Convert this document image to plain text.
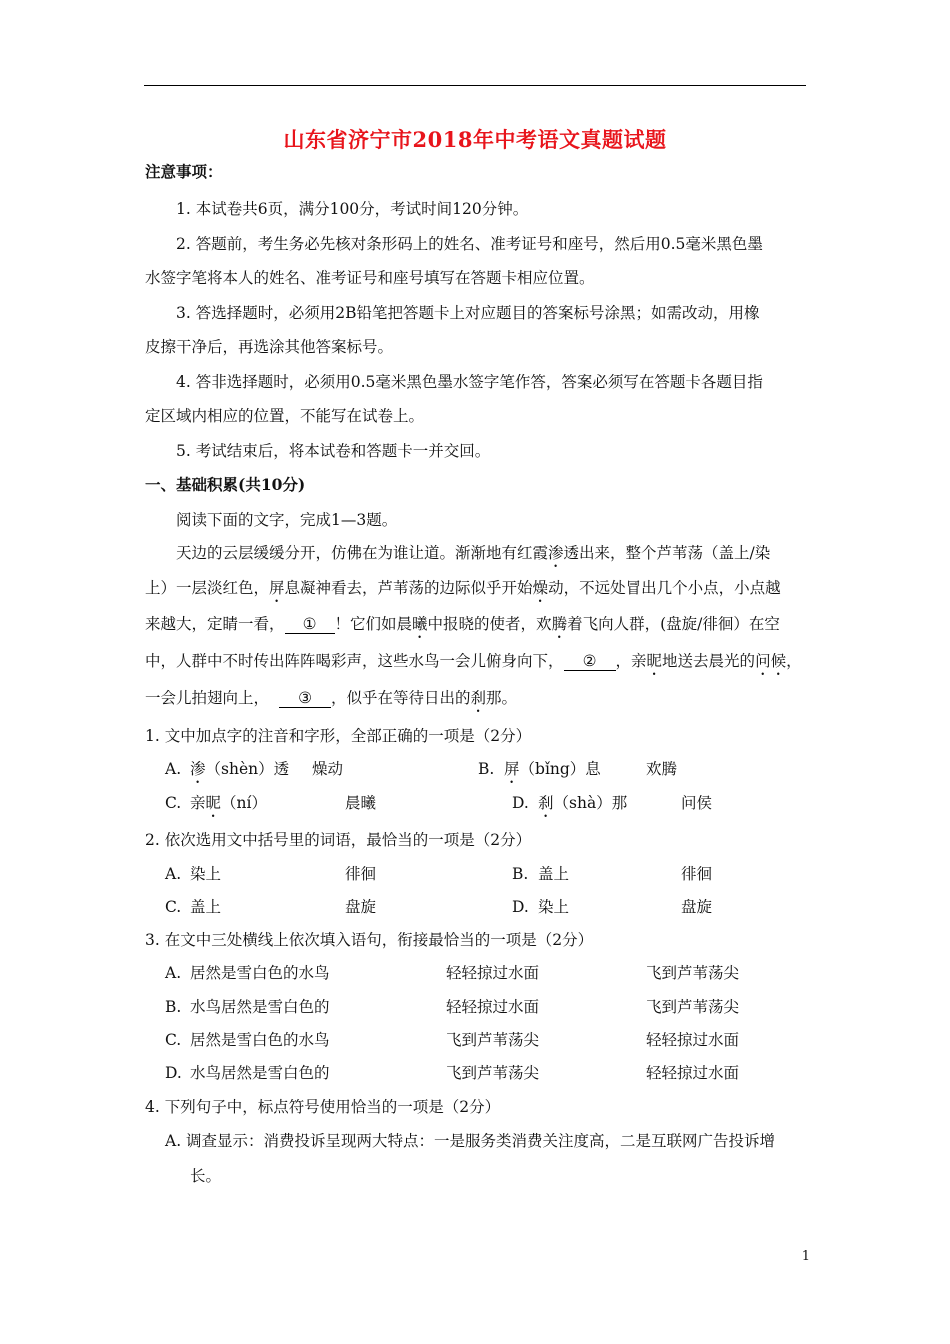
山东省济宁市2018年中考语文真题试题
注意事项：
1. 本试卷共6页，满分100分，考试时间120分钟。
2. 答题前，考生务必先核对条形码上的姓名、准考证号和座号，然后用0.5毫米黑色墨
水签字笔将本人的姓名、准考证号和座号填写在答题卡相应位置。
3. 答选择题时，必须用2B铅笔把答题卡上对应题目的答案标号涂黑；如需改动，用橡
皮擦干净后，再选涂其他答案标号。
4. 答非选择题时，必须用0.5毫米黑色墨水签字笔作答，答案必须写在答题卡各题目指
定区域内相应的位置，不能写在试卷上。
5. 考试结束后，将本试卷和答题卡一并交回。
一、基础积累(共10分)
阅读下面的文字，完成1—3题。
天边的云层缓缓分开，仿佛在为谁让道。渐渐地有红霞渗透出来，整个芦苇荡（盖上/染
上）一层淡红色，屏息凝神看去，芦苇荡的边际似乎开始燥动，不远处冒出几个小点，小点越
来越大，定睛一看， ① ！它们如晨曦中报晓的使者，欢腾着飞向人群，(盘旋/徘徊）在空
中，人群中不时传出阵阵喝彩声，这些水鸟一会儿俯身向下， ② ，亲昵地送去晨光的问候，
一会儿拍翅向上， ③ ，似乎在等待日出的刹那。
1. 文中加点字的注音和字形，全部正确的一项是（2分）
A. 渗（shèn）透 燥动	B. 屏（bǐng）息	欢腾
C. 亲昵（ní）	晨曦	D. 刹（shà）那	问侯
2. 依次选用文中括号里的词语，最恰当的一项是（2分）
A. 染上	徘徊	B. 盖上	徘徊
C. 盖上	盘旋	D. 染上	盘旋
3. 在文中三处横线上依次填入语句，衔接最恰当的一项是（2分）
A. 居然是雪白色的水鸟	轻轻掠过水面	飞到芦苇荡尖
B. 水鸟居然是雪白色的	轻轻掠过水面	飞到芦苇荡尖
C. 居然是雪白色的水鸟	飞到芦苇荡尖	轻轻掠过水面
D. 水鸟居然是雪白色的	飞到芦苇荡尖	轻轻掠过水面
4. 下列句子中，标点符号使用恰当的一项是（2分）
A. 调查显示：消费投诉呈现两大特点：一是服务类消费关注度高，二是互联网广告投诉增
长。
1
